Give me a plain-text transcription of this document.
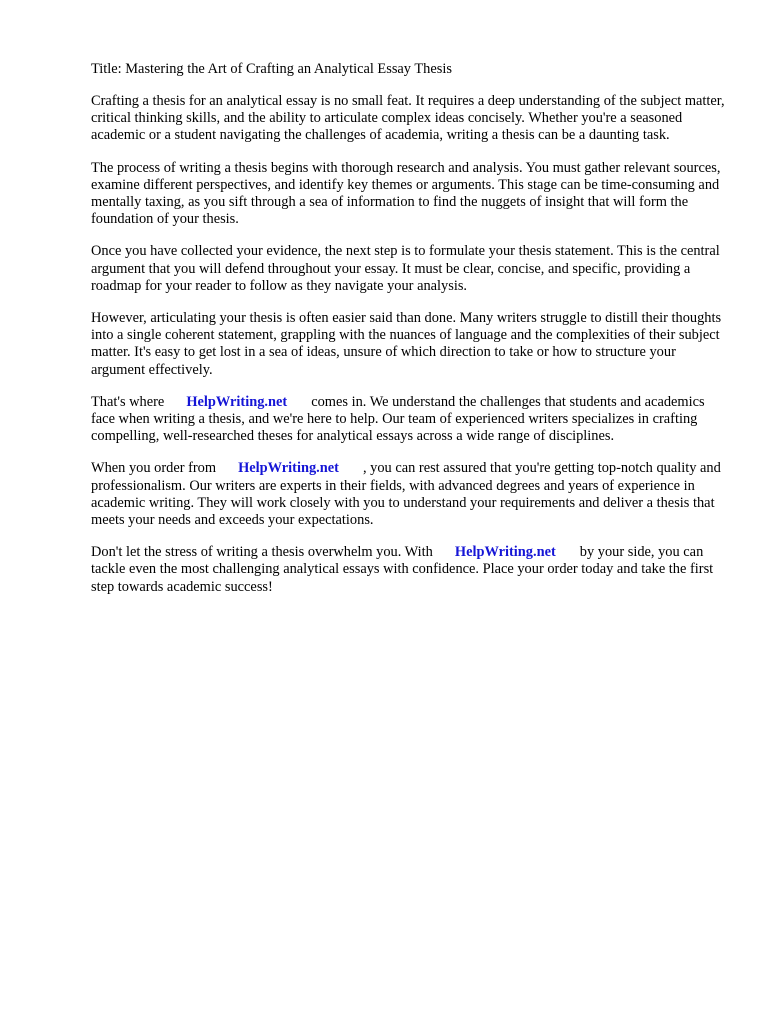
Title: Mastering the Art of Crafting an Analytical Essay Thesis

Crafting a thesis for an analytical essay is no small feat. It requires a deep understanding of the subject matter, critical thinking skills, and the ability to articulate complex ideas concisely. Whether you're a seasoned academic or a student navigating the challenges of academia, writing a thesis can be a daunting task.

The process of writing a thesis begins with thorough research and analysis. You must gather relevant sources, examine different perspectives, and identify key themes or arguments. This stage can be time-consuming and mentally taxing, as you sift through a sea of information to find the nuggets of insight that will form the foundation of your thesis.

Once you have collected your evidence, the next step is to formulate your thesis statement. This is the central argument that you will defend throughout your essay. It must be clear, concise, and specific, providing a roadmap for your reader to follow as they navigate your analysis.

However, articulating your thesis is often easier said than done. Many writers struggle to distill their thoughts into a single coherent statement, grappling with the nuances of language and the complexities of their subject matter. It's easy to get lost in a sea of ideas, unsure of which direction to take or how to structure your argument effectively.

That's where HelpWriting.net comes in. We understand the challenges that students and academics face when writing a thesis, and we're here to help. Our team of experienced writers specializes in crafting compelling, well-researched theses for analytical essays across a wide range of disciplines.

When you order from HelpWriting.net , you can rest assured that you're getting top-notch quality and professionalism. Our writers are experts in their fields, with advanced degrees and years of experience in academic writing. They will work closely with you to understand your requirements and deliver a thesis that meets your needs and exceeds your expectations.

Don't let the stress of writing a thesis overwhelm you. With HelpWriting.net by your side, you can tackle even the most challenging analytical essays with confidence. Place your order today and take the first step towards academic success!
